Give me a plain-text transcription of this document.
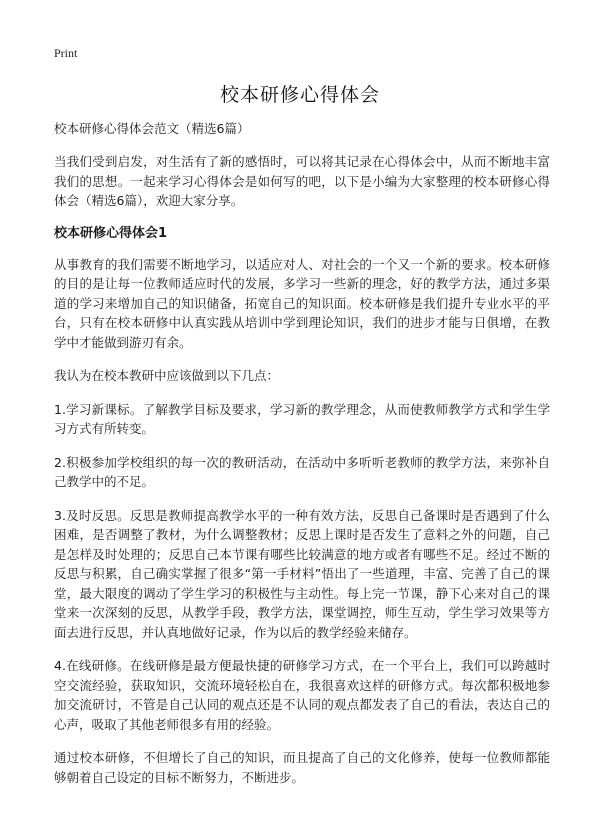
Print
校本研修心得体会
校本研修心得体会范文（精选6篇）

当我们受到启发，对生活有了新的感悟时，可以将其记录在心得体会中，从而不断地丰富我们的思想。一起来学习心得体会是如何写的吧，以下是小编为大家整理的校本研修心得体会（精选6篇），欢迎大家分享。

校本研修心得体会1

从事教育的我们需要不断地学习，以适应对人、对社会的一个又一个新的要求。校本研修的目的是让每一位教师适应时代的发展，多学习一些新的理念，好的教学方法，通过多渠道的学习来增加自己的知识储备，拓宽自己的知识面。校本研修是我们提升专业水平的平台，只有在校本研修中认真实践从培训中学到理论知识，我们的进步才能与日俱增，在教学中才能做到游刃有余。

我认为在校本教研中应该做到以下几点：

1.学习新课标。了解教学目标及要求，学习新的教学理念，从而使教师教学方式和学生学习方式有所转变。

2.积极参加学校组织的每一次的教研活动，在活动中多听听老教师的教学方法，来弥补自己教学中的不足。

3.及时反思。反思是教师提高教学水平的一种有效方法，反思自己备课时是否遇到了什么困难，是否调整了教材，为什么调整教材；反思上课时是否发生了意料之外的问题，自己是怎样及时处理的；反思自己本节课有哪些比较满意的地方或者有哪些不足。经过不断的反思与积累，自己确实掌握了很多“第一手材料”悟出了一些道理，丰富、完善了自己的课堂，最大限度的调动了学生学习的积极性与主动性。每上完一节课，静下心来对自己的课堂来一次深刻的反思，从教学手段，教学方法，课堂调控，师生互动，学生学习效果等方面去进行反思，并认真地做好记录，作为以后的教学经验来储存。

4.在线研修。在线研修是最方便最快捷的研修学习方式，在一个平台上，我们可以跨越时空交流经验，获取知识，交流环境轻松自在，我很喜欢这样的研修方式。每次都积极地参加交流研讨，不管是自己认同的观点还是不认同的观点都发表了自己的看法，表达自己的心声，吸取了其他老师很多有用的经验。

通过校本研修，不但增长了自己的知识，而且提高了自己的文化修养，使每一位教师都能够朝着自己设定的目标不断努力，不断进步。
